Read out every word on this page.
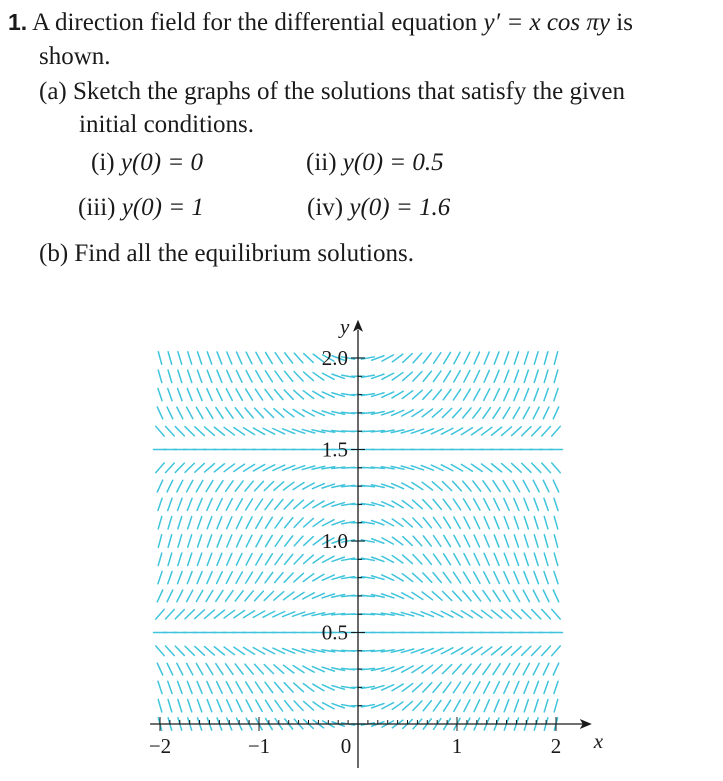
1. A direction field for the differential equation y′ = x cos πy is
shown.
(a) Sketch the graphs of the solutions that satisfy the given
initial conditions.
(i) y(0) = 0	(ii) y(0) = 0.5
(iii) y(0) = 1	(iv) y(0) = 1.6
(b) Find all the equilibrium solutions.
−2	−1	0	1	2
0.5
1.0
1.5
2.0
x
y
